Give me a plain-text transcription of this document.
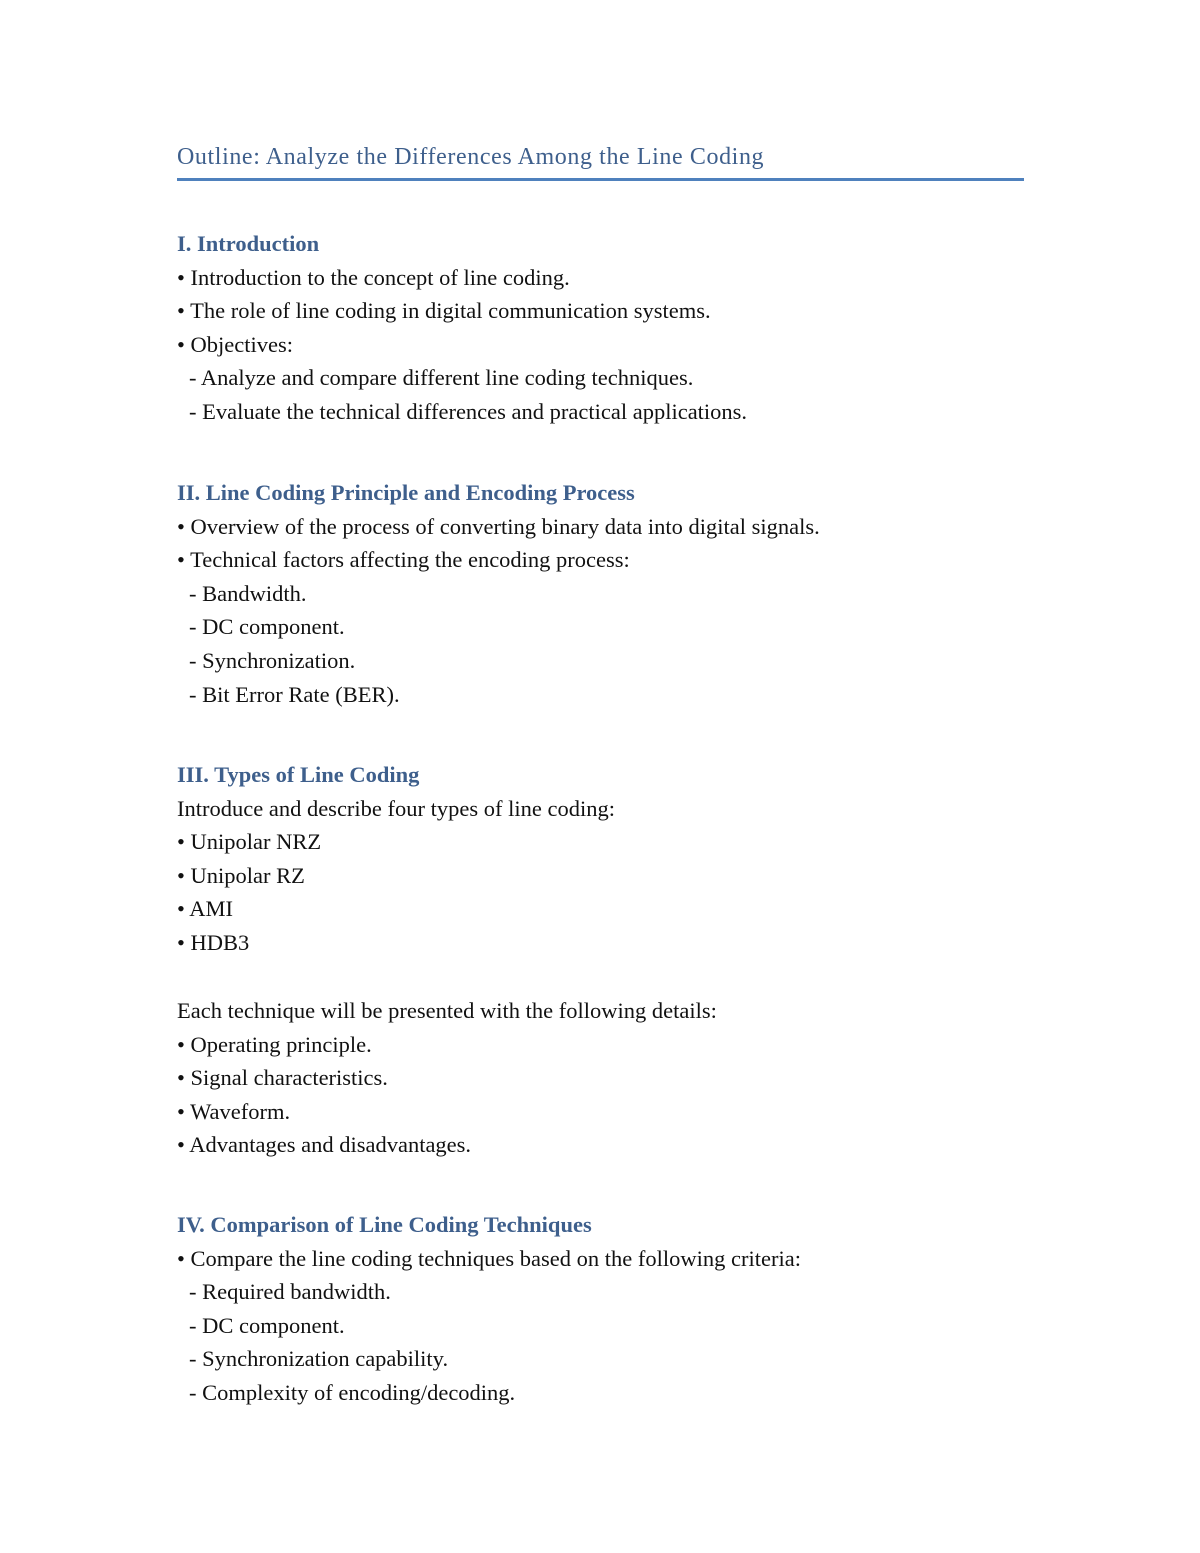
Outline: Analyze the Differences Among the Line Coding
I. Introduction
• Introduction to the concept of line coding.
• The role of line coding in digital communication systems.
• Objectives:
- Analyze and compare different line coding techniques.
- Evaluate the technical differences and practical applications.
II. Line Coding Principle and Encoding Process
• Overview of the process of converting binary data into digital signals.
• Technical factors affecting the encoding process:
- Bandwidth.
- DC component.
- Synchronization.
- Bit Error Rate (BER).
III. Types of Line Coding
Introduce and describe four types of line coding:
• Unipolar NRZ
• Unipolar RZ
• AMI
• HDB3
Each technique will be presented with the following details:
• Operating principle.
• Signal characteristics.
• Waveform.
• Advantages and disadvantages.
IV. Comparison of Line Coding Techniques
• Compare the line coding techniques based on the following criteria:
- Required bandwidth.
- DC component.
- Synchronization capability.
- Complexity of encoding/decoding.
